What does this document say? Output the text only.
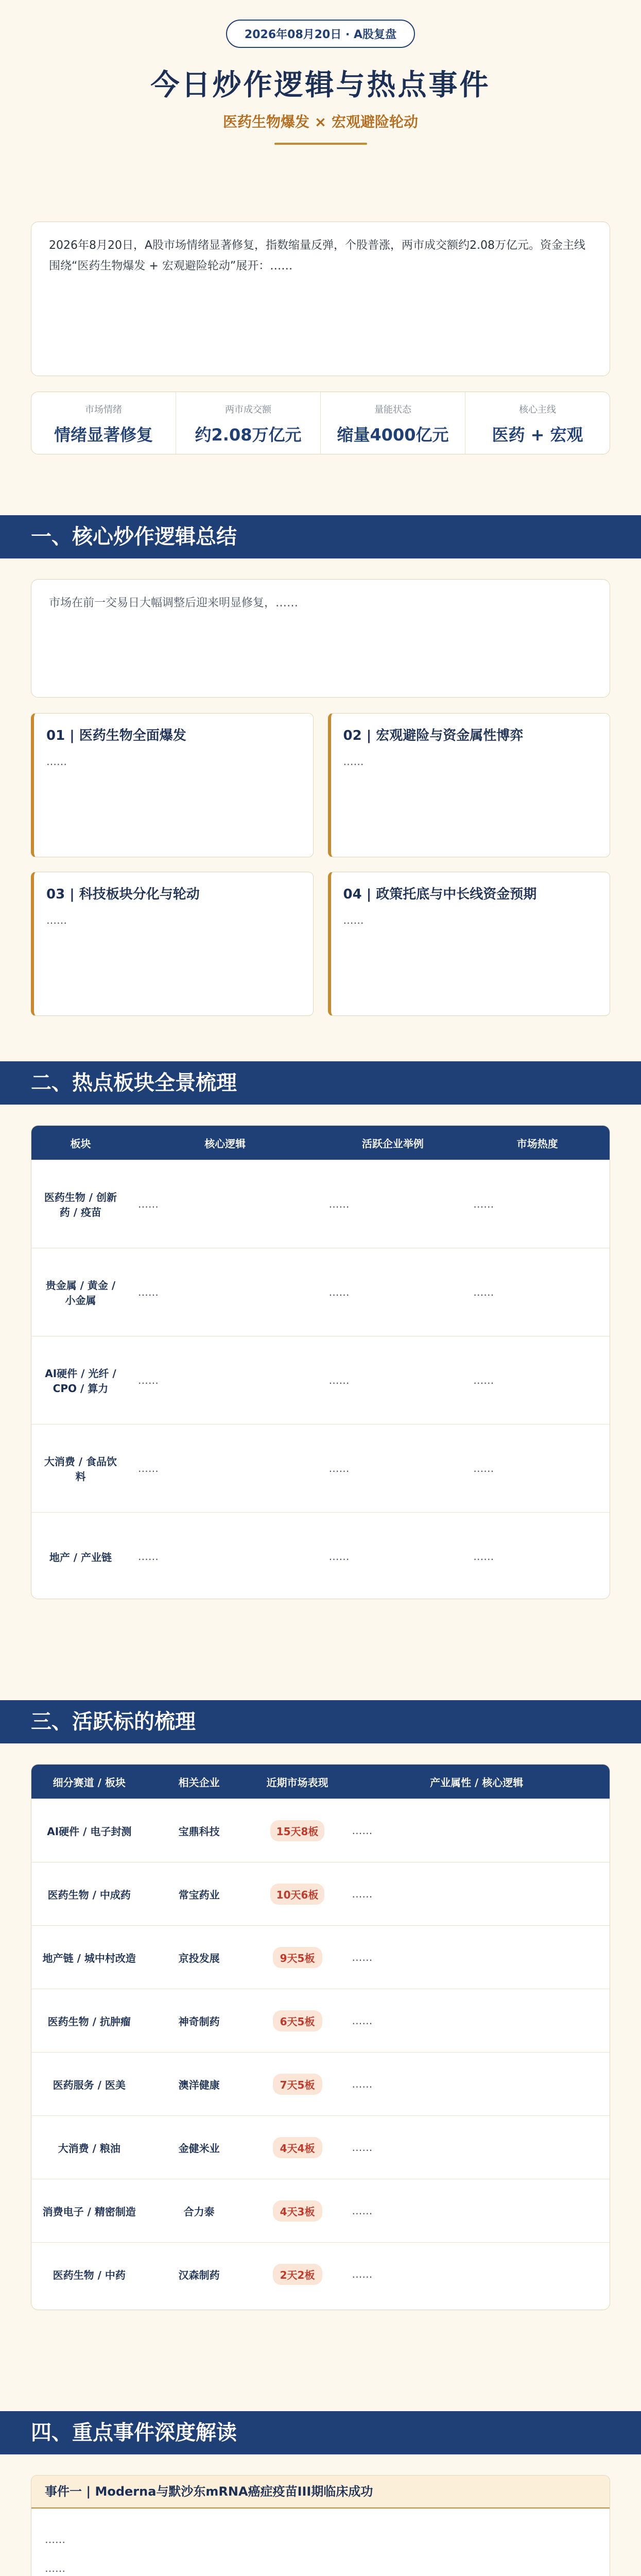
2026年08月20日 · A股复盘
今日炒作逻辑与热点事件
医药生物爆发 × 宏观避险轮动
2026年8月20日，A股市场情绪显著修复，指数缩量反弹，个股普涨，两市成交额约2.08万亿元。资金主线围绕“医药生物爆发 + 宏观避险轮动”展开：……
市场情绪
情绪显著修复
两市成交额
约2.08万亿元
量能状态
缩量4000亿元
核心主线
医药 + 宏观
一、核心炒作逻辑总结
市场在前一交易日大幅调整后迎来明显修复，……
01 | 医药生物全面爆发
……
02 | 宏观避险与资金属性博弈
……
03 | 科技板块分化与轮动
……
04 | 政策托底与中长线资金预期
……
二、热点板块全景梳理
板块	核心逻辑	活跃企业举例	市场热度
医药生物 / 创新药 / 疫苗	……	……	……
贵金属 / 黄金 / 小金属	……	……	……
AI硬件 / 光纤 / CPO / 算力	……	……	……
大消费 / 食品饮料	……	……	……
地产 / 产业链	……	……	……
三、活跃标的梳理
细分赛道 / 板块	相关企业	近期市场表现	产业属性 / 核心逻辑
AI硬件 / 电子封测	宝鼎科技	15天8板	……
医药生物 / 中成药	常宝药业	10天6板	……
地产链 / 城中村改造	京投发展	9天5板	……
医药生物 / 抗肿瘤	神奇制药	6天5板	……
医药服务 / 医美	澳洋健康	7天5板	……
大消费 / 粮油	金健米业	4天4板	……
消费电子 / 精密制造	合力泰	4天3板	……
医药生物 / 中药	汉森制药	2天2板	……
四、重点事件深度解读
事件一 | Moderna与默沙东mRNA癌症疫苗III期临床成功

……

……
